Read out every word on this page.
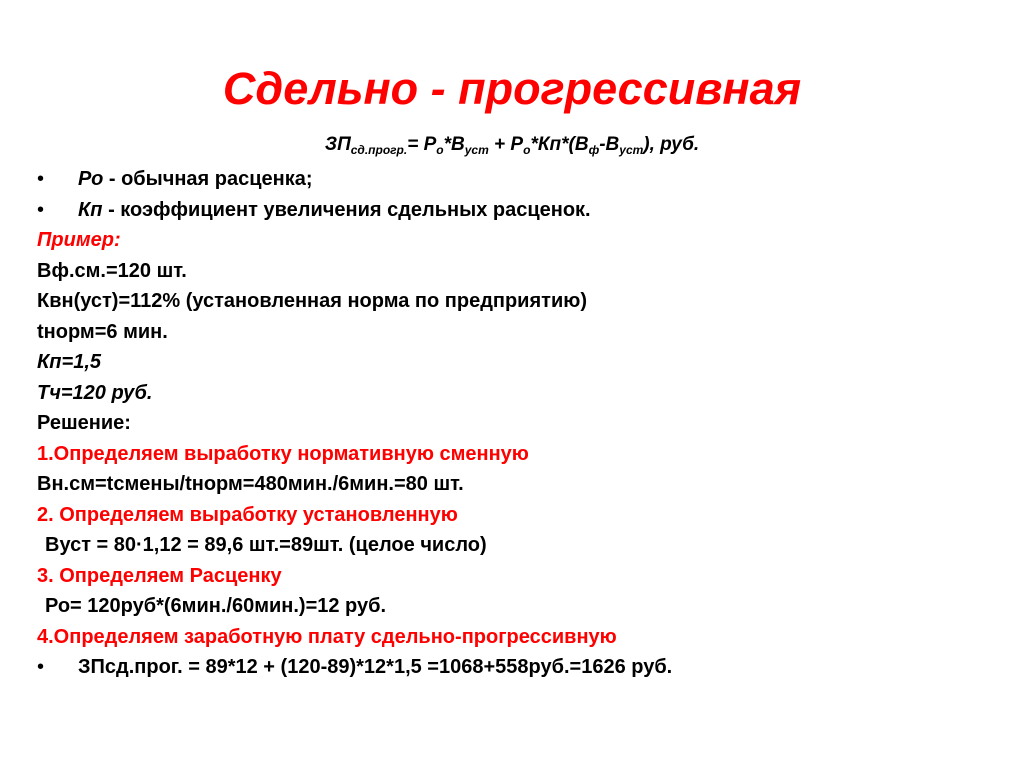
Сдельно - прогрессивная
$ЗП_{сд.прогр.}= P_o*B_{уст} + P_o*Кп*(B_ф-B_{уст})$, руб.
• Ро - обычная расценка;
• Кп - коэффициент увеличения сдельных расценок.
Пример:
Вф.см.=120 шт.
Квн(уст)=112% (установленная норма по предприятию)
tнорм=6 мин.
Кп=1,5
Тч=120 руб.
Решение:
1.Определяем выработку нормативную сменную
Вн.см=tсмены/tнорм=480мин./6мин.=80 шт.
2. Определяем выработку установленную
Вуст = 80·1,12 = 89,6 шт.=89шт. (целое число)
3. Определяем Расценку
Ро= 120руб*(6мин./60мин.)=12 руб.
4.Определяем заработную плату сдельно-прогрессивную
• ЗПсд.прог. = 89*12 + (120-89)*12*1,5 =1068+558руб.=1626 руб.
